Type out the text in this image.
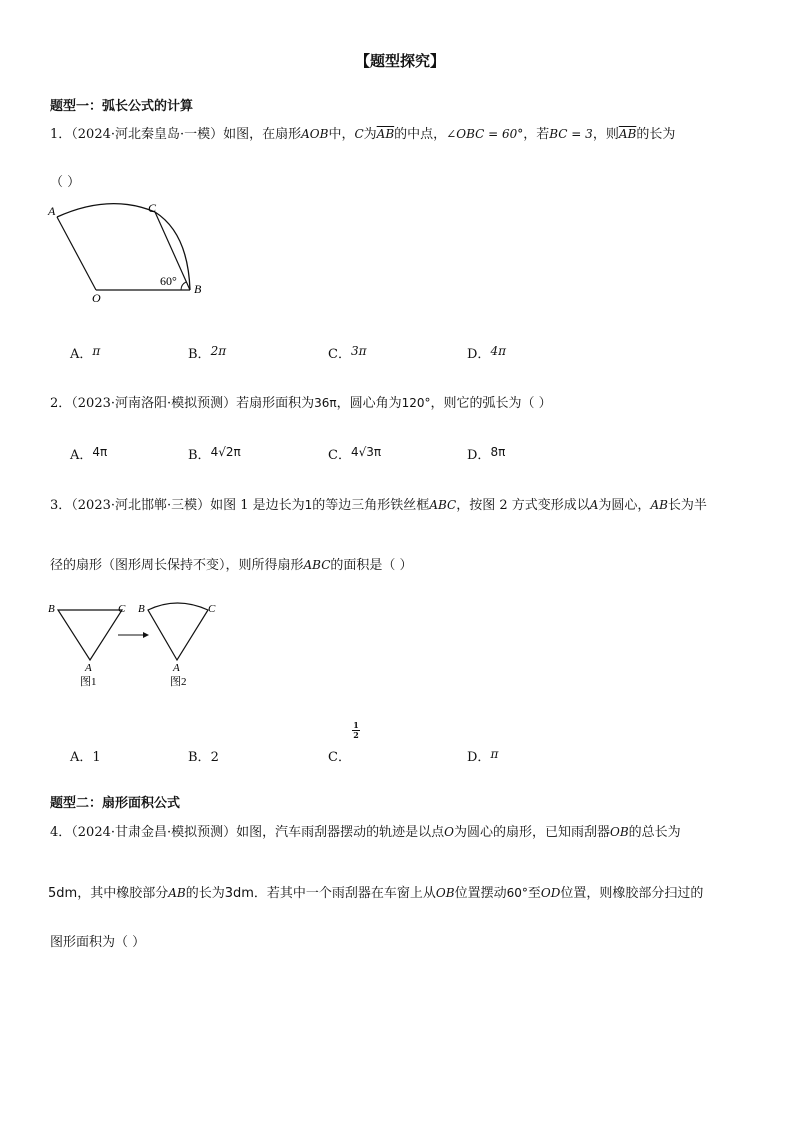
【题型探究】
题型一：弧长公式的计算
1．（2024·河北秦皇岛·一模）如图，在扇形AOB中，C为$\overline{AB}$的中点，∠OBC = 60°，若BC = 3，则$\overline{AB}$的长为
（ ）
A	C
O
B
60°
A．π	B．2π	C．3π	D．4π
2．（2023·河南洛阳·模拟预测）若扇形面积为36π，圆心角为120°，则它的弧长为（ ）
A．4π	B．4√2π	C．4√3π	D．8π
3．（2023·河北邯郸·三模）如图 1 是边长为1的等边三角形铁丝框ABC，按图 2 方式变形成以A为圆心，AB长为半
径的扇形（图形周长保持不变），则所得扇形ABC的面积是（ ）
B	C
A
图1
B	C
A
图2
A．1	B．2	C．
1
2
D．π
题型二：扇形面积公式
4．（2024·甘肃金昌·模拟预测）如图，汽车雨刮器摆动的轨迹是以点O为圆心的扇形，已知雨刮器OB的总长为
5dm，其中橡胶部分AB的长为3dm．若其中一个雨刮器在车窗上从OB位置摆动60°至OD位置，则橡胶部分扫过的
图形面积为（ ）
